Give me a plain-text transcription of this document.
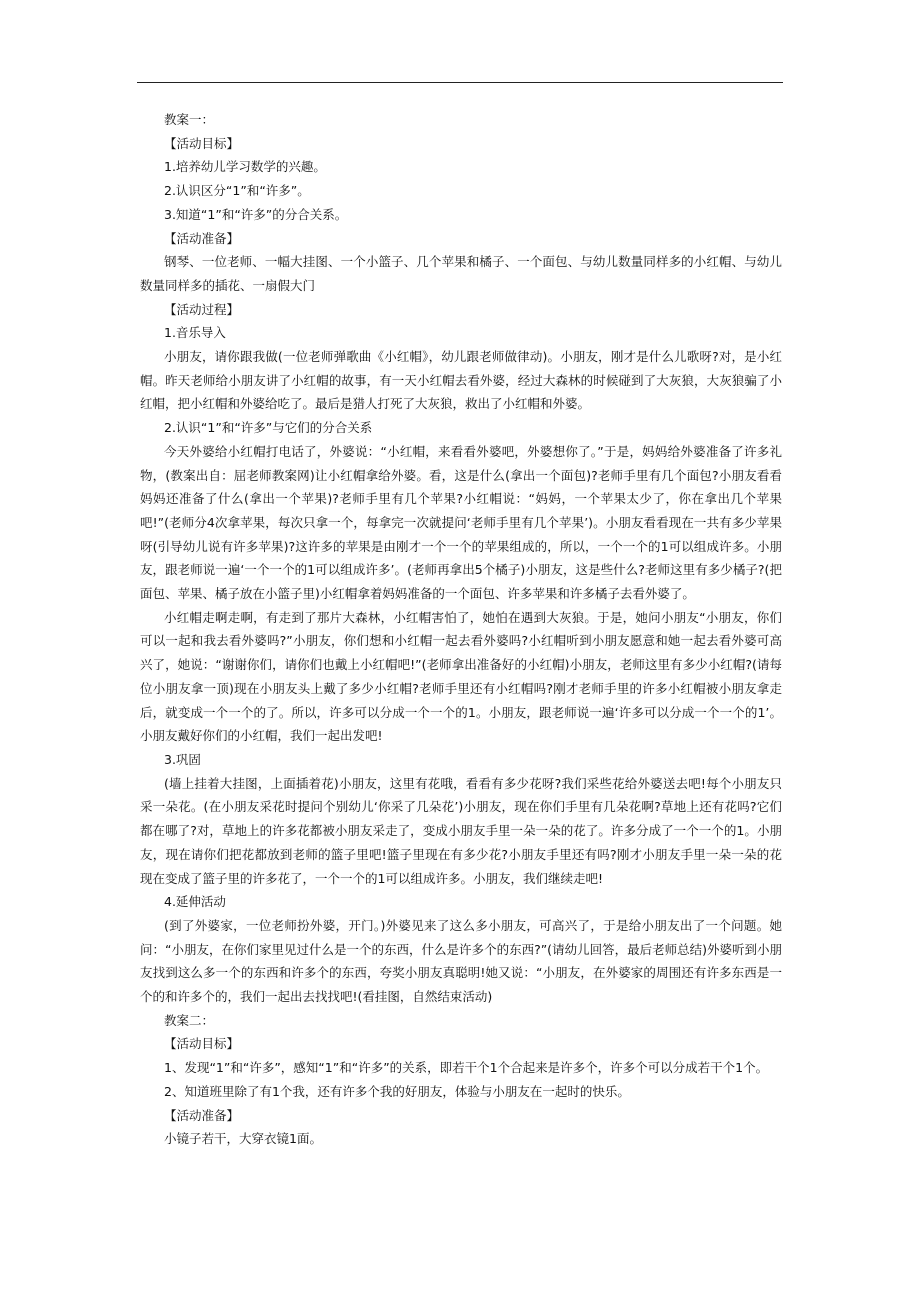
教案一：

【活动目标】

1.培养幼儿学习数学的兴趣。

2.认识区分“1”和“许多”。

3.知道“1”和“许多”的分合关系。

【活动准备】

钢琴、一位老师、一幅大挂图、一个小篮子、几个苹果和橘子、一个面包、与幼儿数量同样多的小红帽、与幼儿数量同样多的插花、一扇假大门

【活动过程】

1.音乐导入

小朋友，请你跟我做(一位老师弹歌曲《小红帽》，幼儿跟老师做律动)。小朋友，刚才是什么儿歌呀?对，是小红帽。昨天老师给小朋友讲了小红帽的故事，有一天小红帽去看外婆，经过大森林的时候碰到了大灰狼，大灰狼骗了小红帽，把小红帽和外婆给吃了。最后是猎人打死了大灰狼，救出了小红帽和外婆。

2.认识“1”和“许多”与它们的分合关系

今天外婆给小红帽打电话了，外婆说：“小红帽，来看看外婆吧，外婆想你了。”于是，妈妈给外婆准备了许多礼物，(教案出自：屈老师教案网)让小红帽拿给外婆。看，这是什么(拿出一个面包)?老师手里有几个面包?小朋友看看妈妈还准备了什么(拿出一个苹果)?老师手里有几个苹果?小红帽说：“妈妈，一个苹果太少了，你在拿出几个苹果吧!”(老师分4次拿苹果，每次只拿一个，每拿完一次就提问‘老师手里有几个苹果’)。小朋友看看现在一共有多少苹果呀(引导幼儿说有许多苹果)?这许多的苹果是由刚才一个一个的苹果组成的，所以，一个一个的1可以组成许多。小朋友，跟老师说一遍‘一个一个的1可以组成许多’。(老师再拿出5个橘子)小朋友，这是些什么?老师这里有多少橘子?(把面包、苹果、橘子放在小篮子里)小红帽拿着妈妈准备的一个面包、许多苹果和许多橘子去看外婆了。

小红帽走啊走啊，有走到了那片大森林，小红帽害怕了，她怕在遇到大灰狼。于是，她问小朋友“小朋友，你们可以一起和我去看外婆吗?”小朋友，你们想和小红帽一起去看外婆吗?小红帽听到小朋友愿意和她一起去看外婆可高兴了，她说：“谢谢你们，请你们也戴上小红帽吧!”(老师拿出准备好的小红帽)小朋友，老师这里有多少小红帽?(请每位小朋友拿一顶)现在小朋友头上戴了多少小红帽?老师手里还有小红帽吗?刚才老师手里的许多小红帽被小朋友拿走后，就变成一个一个的了。所以，许多可以分成一个一个的1。小朋友，跟老师说一遍‘许多可以分成一个一个的1’。小朋友戴好你们的小红帽，我们一起出发吧!

3.巩固

(墙上挂着大挂图，上面插着花)小朋友，这里有花哦，看看有多少花呀?我们采些花给外婆送去吧!每个小朋友只采一朵花。(在小朋友采花时提问个别幼儿‘你采了几朵花’)小朋友，现在你们手里有几朵花啊?草地上还有花吗?它们都在哪了?对，草地上的许多花都被小朋友采走了，变成小朋友手里一朵一朵的花了。许多分成了一个一个的1。小朋友，现在请你们把花都放到老师的篮子里吧!篮子里现在有多少花?小朋友手里还有吗?刚才小朋友手里一朵一朵的花现在变成了篮子里的许多花了，一个一个的1可以组成许多。小朋友，我们继续走吧!

4.延伸活动

(到了外婆家，一位老师扮外婆，开门。)外婆见来了这么多小朋友，可高兴了，于是给小朋友出了一个问题。她问：“小朋友，在你们家里见过什么是一个的东西，什么是许多个的东西?”(请幼儿回答，最后老师总结)外婆听到小朋友找到这么多一个的东西和许多个的东西，夸奖小朋友真聪明!她又说：“小朋友，在外婆家的周围还有许多东西是一个的和许多个的，我们一起出去找找吧!(看挂图，自然结束活动)

教案二：

【活动目标】

1、发现“1”和“许多”，感知“1”和“许多”的关系，即若干个1个合起来是许多个，许多个可以分成若干个1个。

2、知道班里除了有1个我，还有许多个我的好朋友，体验与小朋友在一起时的快乐。

【活动准备】

小镜子若干，大穿衣镜1面。
